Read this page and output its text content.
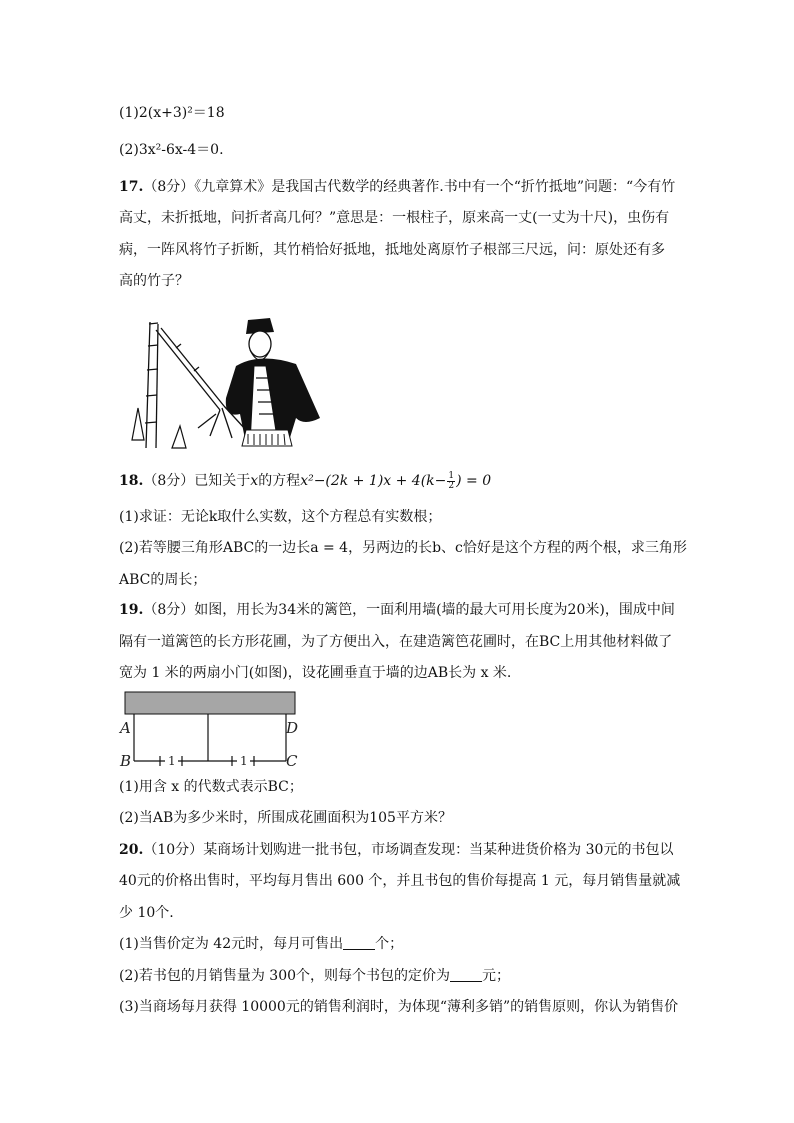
(1)2(x+3)²＝18
(2)3x²-6x-4＝0.
17.（8分）《九章算术》是我国古代数学的经典著作.书中有一个“折竹抵地”问题：“今有竹
高丈，未折抵地，问折者高几何？”意思是：一根柱子，原来高一丈(一丈为十尺)，虫伤有
病，一阵风将竹子折断，其竹梢恰好抵地，抵地处离原竹子根部三尺远，问：原处还有多
高的竹子？
18.（8分）已知关于x的方程$x^2-(2k + 1)x + 4(k- \frac{1}{2}$ ) = 0
(1)求证：无论k取什么实数，这个方程总有实数根；
(2)若等腰三角形ABC的一边长a = 4，另两边的长b、c恰好是这个方程的两个根，求三角形
ABC的周长；
19.（8分）如图，用长为34米的篱笆，一面利用墙(墙的最大可用长度为20米)，围成中间
隔有一道篱笆的长方形花圃，为了方便出入，在建造篱笆花圃时，在BC上用其他材料做了
宽为 1 米的两扇小门(如图)，设花圃垂直于墙的边AB长为 x 米.
A
B
D
C
1	1
(1)用含 x 的代数式表示BC；
(2)当AB为多少米时，所围成花圃面积为105平方米？
20.（10分）某商场计划购进一批书包，市场调查发现：当某种进货价格为 30元的书包以
40元的价格出售时，平均每月售出 600 个，并且书包的售价每提高 1 元，每月销售量就减
少 10个.
(1)当售价定为 42元时，每月可售出 个；
(2)若书包的月销售量为 300个，则每个书包的定价为 元；
(3)当商场每月获得 10000元的销售利润时，为体现“薄利多销”的销售原则，你认为销售价
